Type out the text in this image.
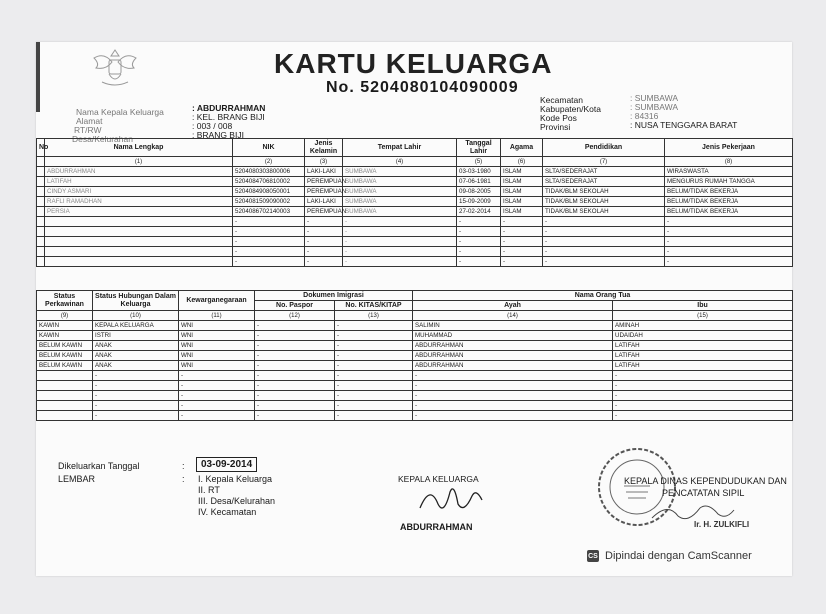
KARTU KELUARGA
No. 5204080104090009
Nama Kepala Keluarga
Alamat
RT/RW
Desa/Kelurahan
: ABDURRAHMAN
: KEL. BRANG BIJI
: 003 / 008
: BRANG BIJI
Kecamatan
Kabupaten/Kota
Kode Pos
Provinsi
: SUMBAWA
: SUMBAWA
: 84316
: NUSA TENGGARA BARAT
No	Nama Lengkap	NIK	Jenis Kelamin	Tempat Lahir	Tanggal Lahir	Agama	Pendidikan	Jenis Pekerjaan
	(1)	(2)	(3)	(4)	(5)	(6)	(7)	(8)
	ABDURRAHMAN	5204080303800006	LAKI-LAKI	SUMBAWA	03-03-1980	ISLAM	SLTA/SEDERAJAT	WIRASWASTA
	LATIFAH	5204084706810002	PEREMPUAN	SUMBAWA	07-06-1981	ISLAM	SLTA/SEDERAJAT	MENGURUS RUMAH TANGGA
	CINDY ASMARI	5204084908050001	PEREMPUAN	SUMBAWA	09-08-2005	ISLAM	TIDAK/BLM SEKOLAH	BELUM/TIDAK BEKERJA
	RAFLI RAMADHAN	5204081509090002	LAKI-LAKI	SUMBAWA	15-09-2009	ISLAM	TIDAK/BLM SEKOLAH	BELUM/TIDAK BEKERJA
	PERSIA	5204086702140003	PEREMPUAN	SUMBAWA	27-02-2014	ISLAM	TIDAK/BLM SEKOLAH	BELUM/TIDAK BEKERJA
		-	-	-	-	-	-	-
		-	-	-	-	-	-	-
		-	-	-	-	-	-	-
		-	-	-	-	-	-	-
		-	-	-	-	-	-	-
Status Perkawinan	Status Hubungan Dalam Keluarga	Kewarganegaraan	Dokumen Imigrasi		Nama Orang Tua	
			No. Paspor	No. KITAS/KITAP	Ayah	Ibu
(9)	(10)	(11)	(12)	(13)	(14)	(15)
KAWIN	KEPALA KELUARGA	WNI	-	-	SALIMIN	AMINAH
KAWIN	ISTRI	WNI	-	-	MUHAMMAD	UDAIDAH
BELUM KAWIN	ANAK	WNI	-	-	ABDURRAHMAN	LATIFAH
BELUM KAWIN	ANAK	WNI	-	-	ABDURRAHMAN	LATIFAH
BELUM KAWIN	ANAK	WNI	-	-	ABDURRAHMAN	LATIFAH
	-	-	-	-	-	-
	-	-	-	-	-	-
	-	-	-	-	-	-
	-	-	-	-	-	-
	-	-	-	-	-	-
Dikeluarkan Tanggal	:	03-09-2014
LEMBAR	: I. Kepala Keluarga
II. RT
III. Desa/Kelurahan
IV. Kecamatan
KEPALA KELUARGA
ABDURRAHMAN
KEPALA DINAS KEPENDUDUKAN DAN
PENCATATAN SIPIL
Ir. H. ZULKIFLI
CS Dipindai dengan CamScanner
